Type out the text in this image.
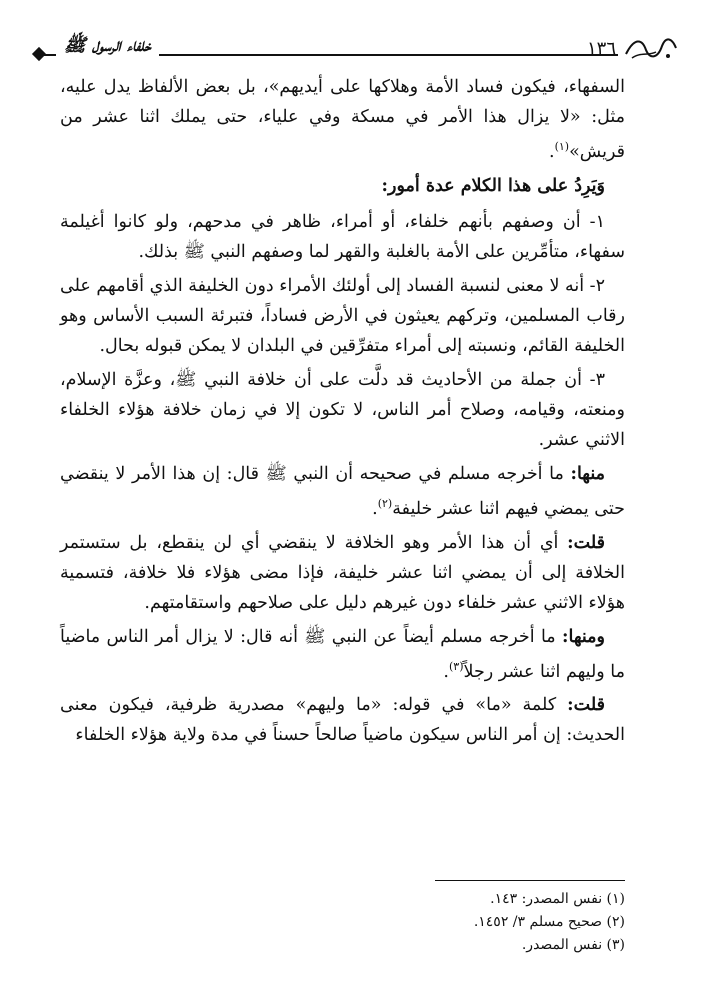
خلفاء الرسول ﷺ	١٣٦

السفهاء، فيكون فساد الأمة وهلاكها على أيديهم»، بل بعض الألفاظ يدل عليه، مثل: «لا يزال هذا الأمر في مسكة وفي علياء، حتى يملك اثنا عشر من قريش»$^{(١)}$.

وَيَرِدُ على هذا الكلام عدة أمور:

١- أن وصفهم بأنهم خلفاء، أو أمراء، ظاهر في مدحهم، ولو كانوا أغيلمة سفهاء، متأمِّرين على الأمة بالغلبة والقهر لما وصفهم النبي ﷺ بذلك.

٢- أنه لا معنى لنسبة الفساد إلى أولئك الأمراء دون الخليفة الذي أقامهم على رقاب المسلمين، وتركهم يعيثون في الأرض فساداً، فتبرئة السبب الأساس وهو الخليفة القائم، ونسبته إلى أمراء متفرِّقين في البلدان لا يمكن قبوله بحال.

٣- أن جملة من الأحاديث قد دلَّت على أن خلافة النبي ﷺ، وعزَّة الإسلام، ومنعته، وقيامه، وصلاح أمر الناس، لا تكون إلا في زمان خلافة هؤلاء الخلفاء الاثني عشر.

منها: ما أخرجه مسلم في صحيحه أن النبي ﷺ قال: إن هذا الأمر لا ينقضي حتى يمضي فيهم اثنا عشر خليفة$^{(٢)}$.

قلت: أي أن هذا الأمر وهو الخلافة لا ينقضي أي لن ينقطع، بل ستستمر الخلافة إلى أن يمضي اثنا عشر خليفة، فإذا مضى هؤلاء فلا خلافة، فتسمية هؤلاء الاثني عشر خلفاء دون غيرهم دليل على صلاحهم واستقامتهم.

ومنها: ما أخرجه مسلم أيضاً عن النبي ﷺ أنه قال: لا يزال أمر الناس ماضياً ما وليهم اثنا عشر رجلاً$^{(٣)}$.

قلت: كلمة «ما» في قوله: «ما وليهم» مصدرية ظرفية، فيكون معنى الحديث: إن أمر الناس سيكون ماضياً صالحاً حسناً في مدة ولاية هؤلاء الخلفاء

(١) نفس المصدر: ١٤٣.
(٢) صحيح مسلم ٣/ ١٤٥٢.
(٣) نفس المصدر.
